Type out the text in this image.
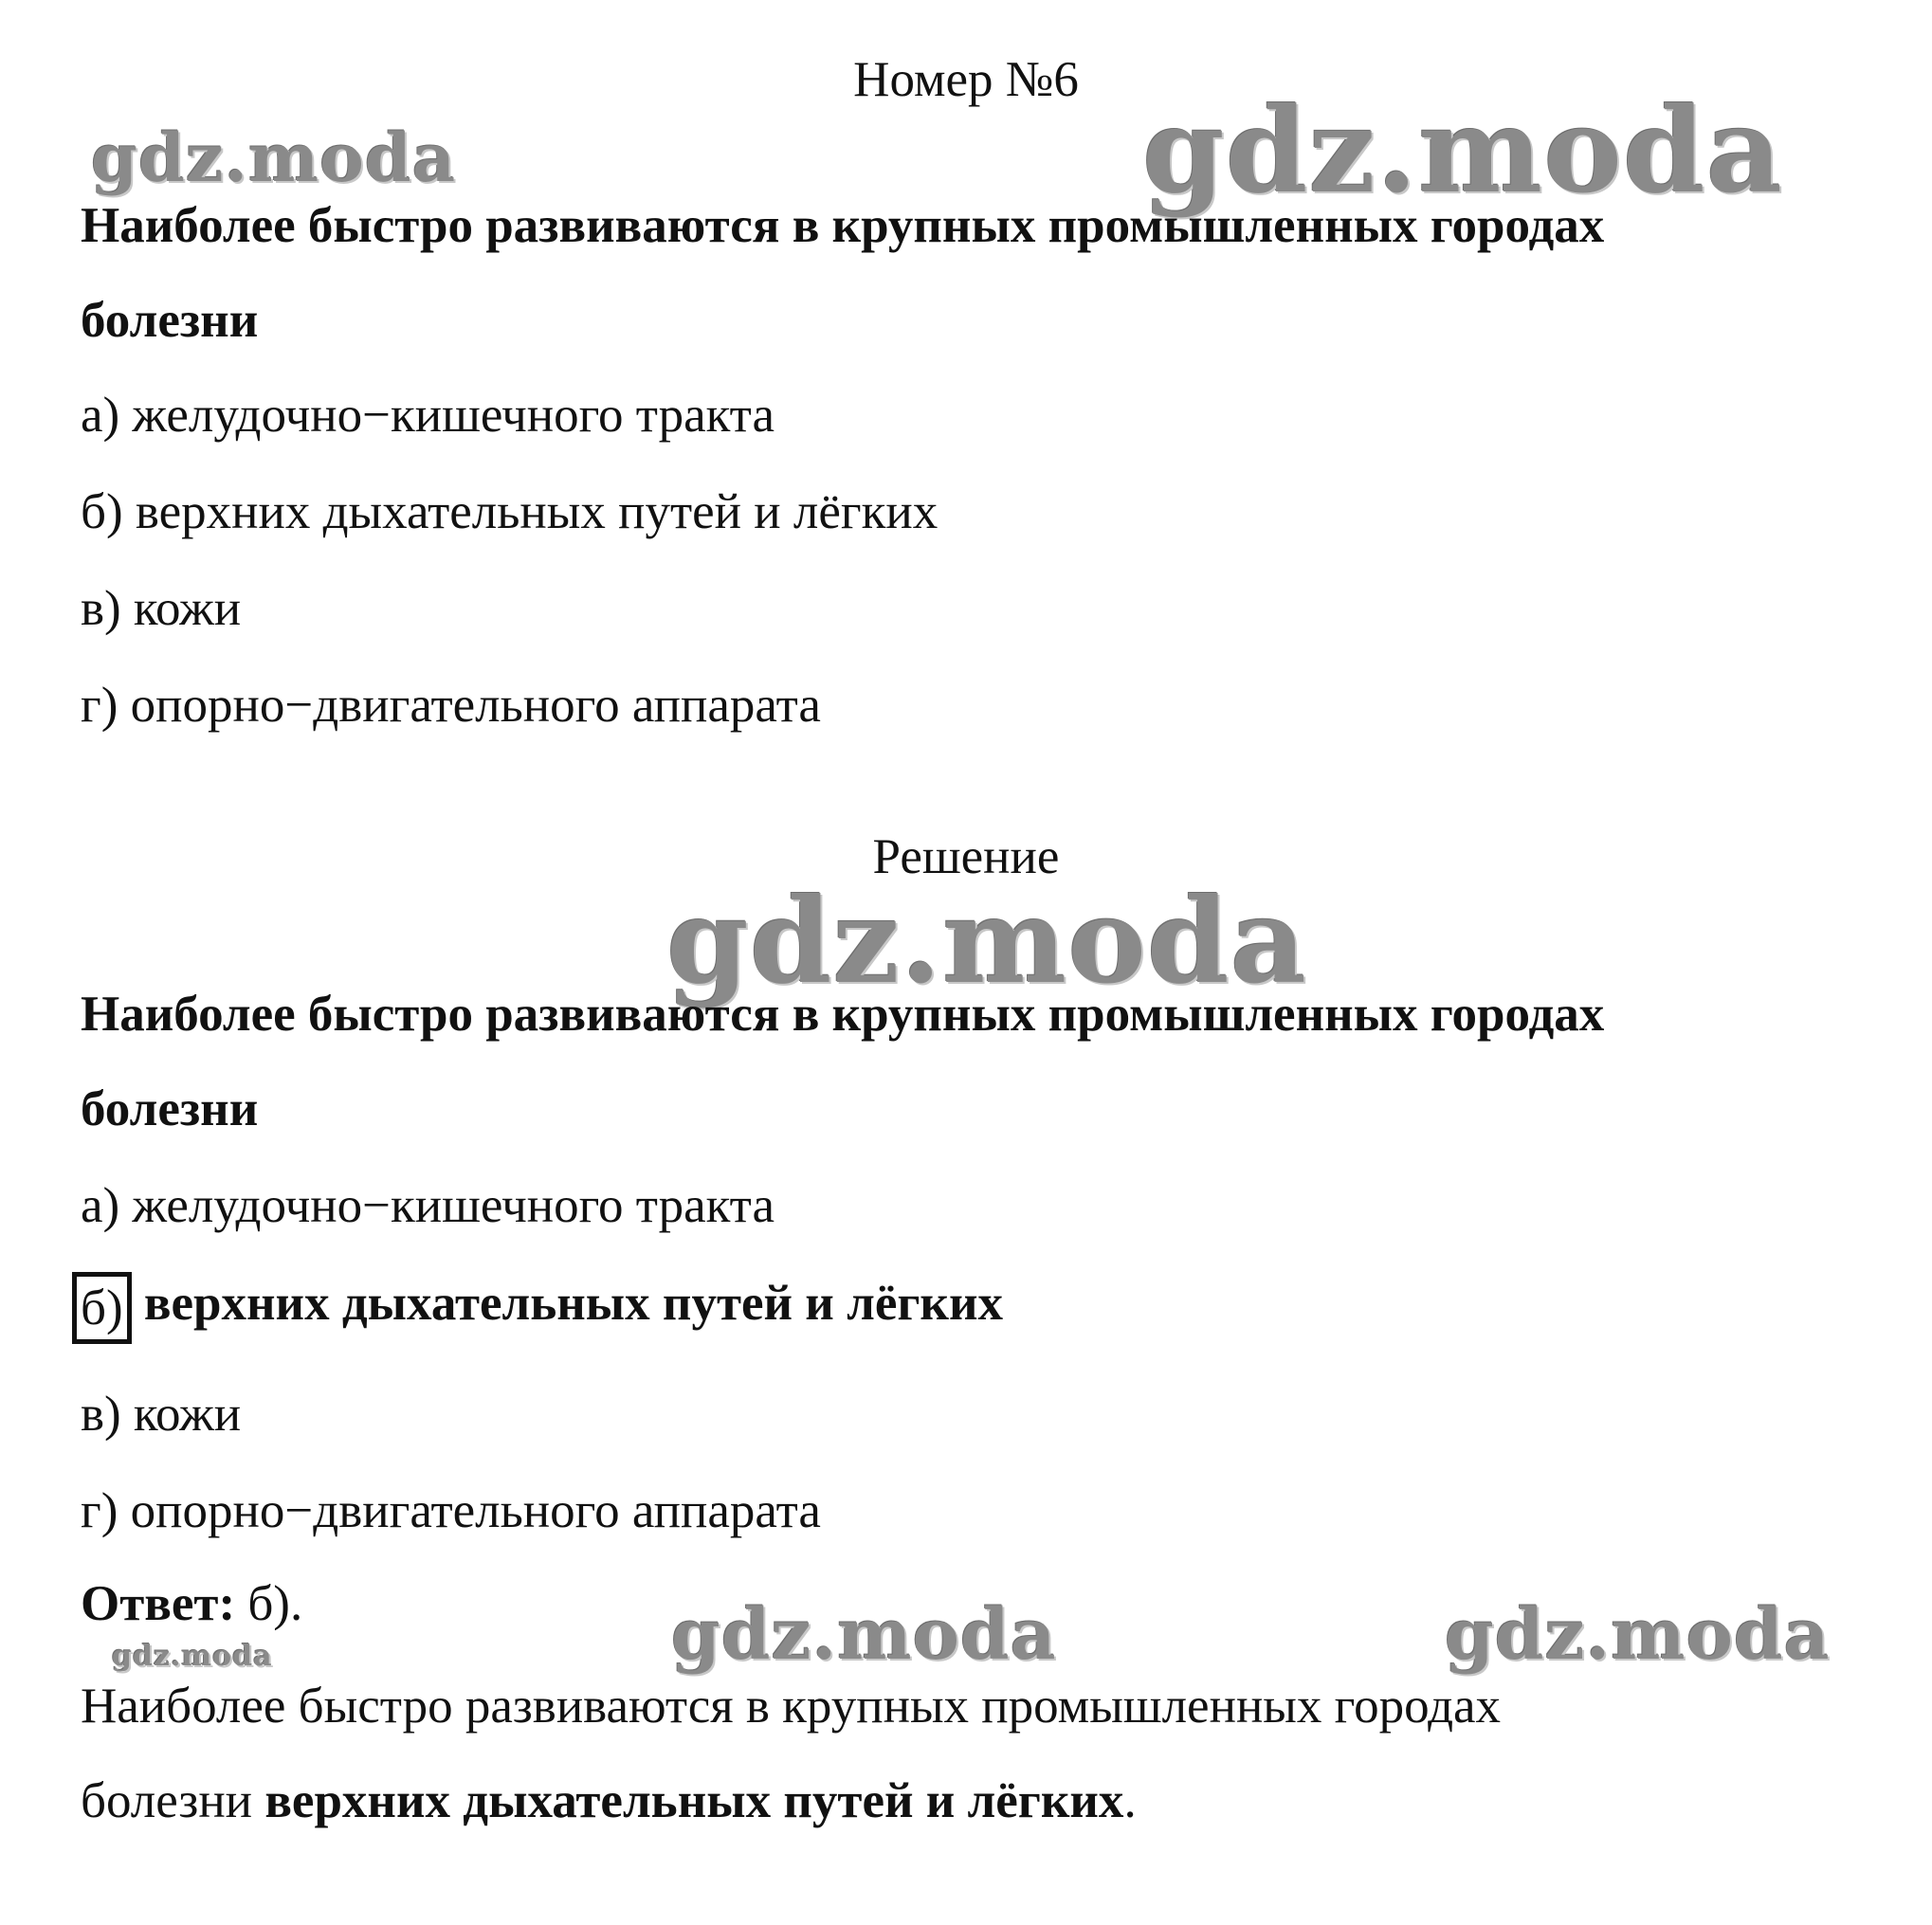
Номер №6
gdz.moda	gdz.moda
gdz.moda
gdz.moda	gdz.moda
gdz.moda
Наиболее быстро развиваются в крупных промышленных городах
болезни
а) желудочно−кишечного тракта
б) верхних дыхательных путей и лёгких
в) кожи
г) опорно−двигательного аппарата
Решение
Наиболее быстро развиваются в крупных промышленных городах
болезни
а) желудочно−кишечного тракта
б) верхних дыхательных путей и лёгких
в) кожи
г) опорно−двигательного аппарата
Ответ: б).
Наиболее быстро развиваются в крупных промышленных городах
болезни верхних дыхательных путей и лёгких.
